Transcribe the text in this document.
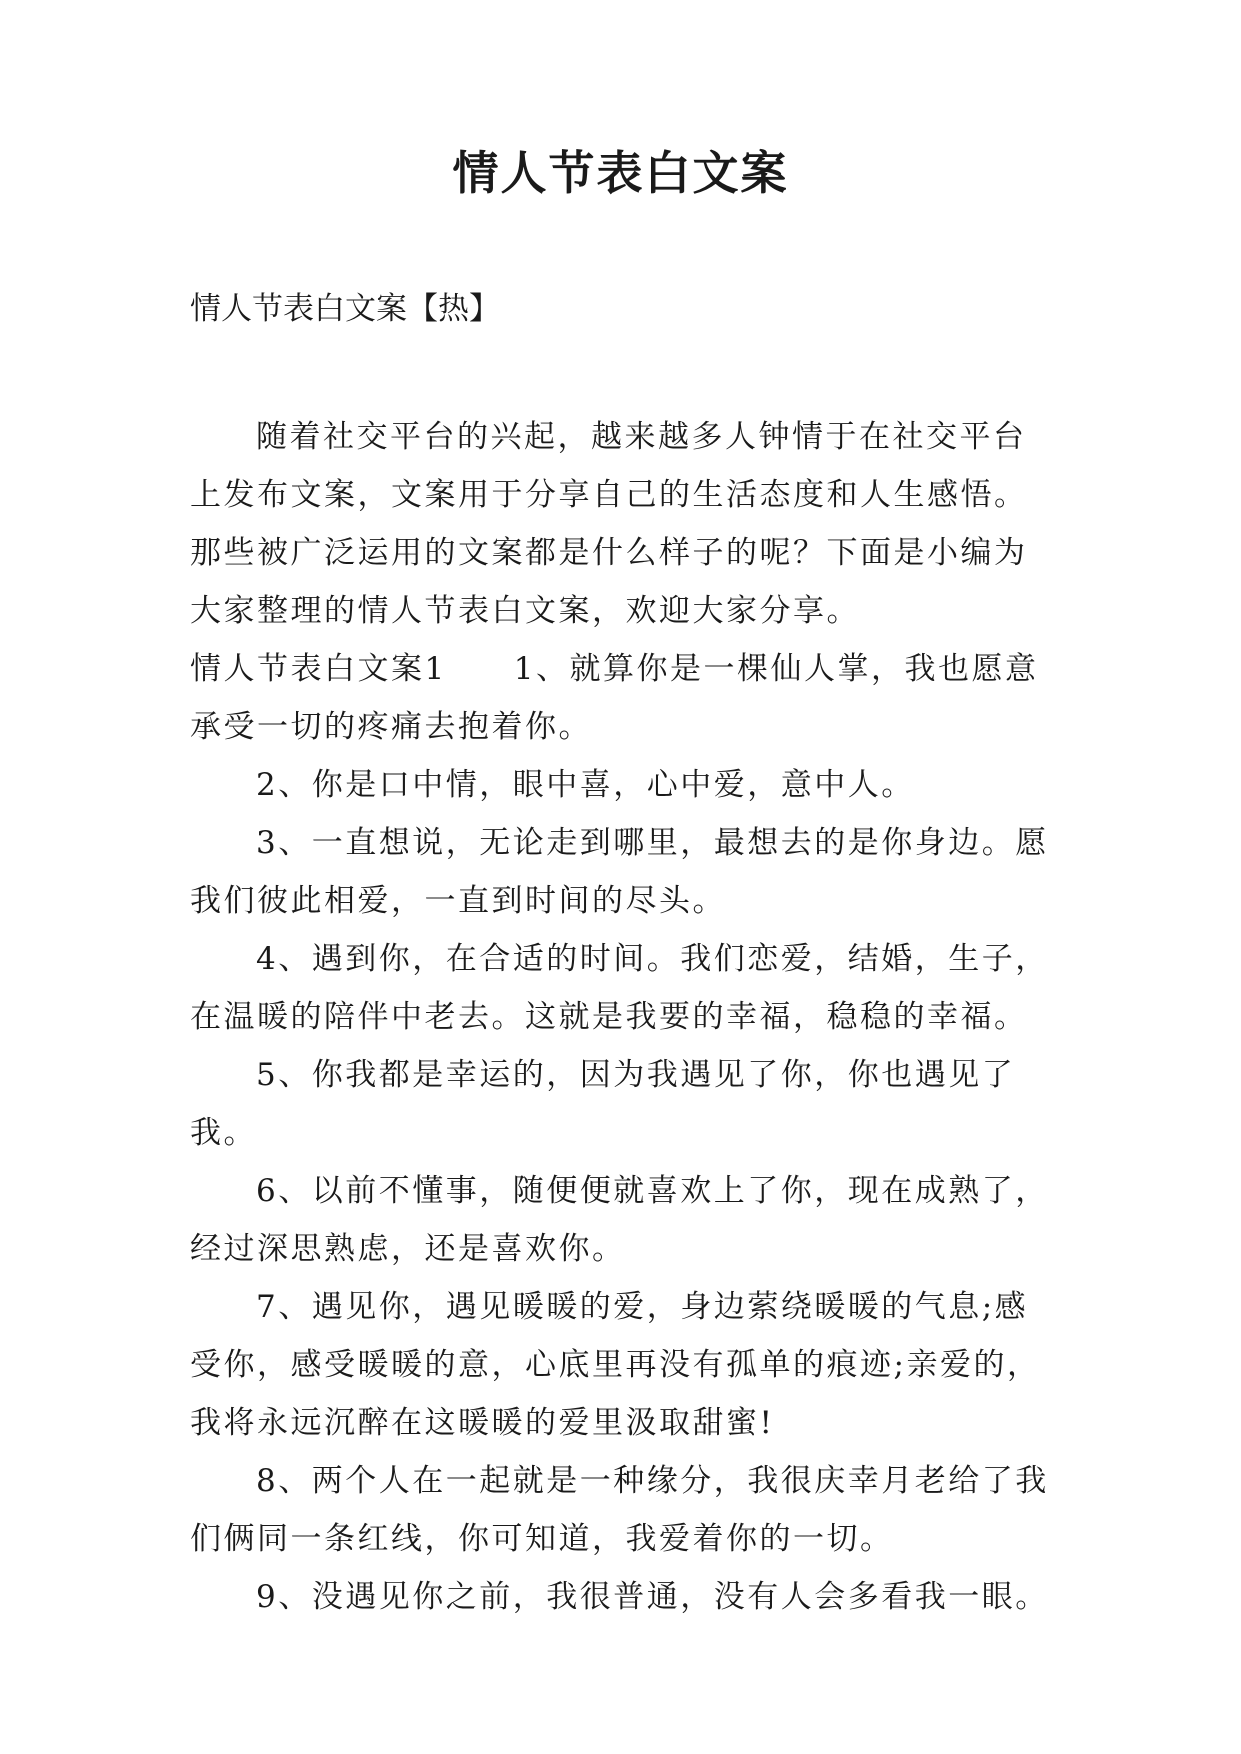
情人节表白文案

情人节表白文案【热】

随着社交平台的兴起，越来越多人钟情于在社交平台上发布文案，文案用于分享自己的生活态度和人生感悟。那些被广泛运用的文案都是什么样子的呢？下面是小编为大家整理的情人节表白文案，欢迎大家分享。

情人节表白文案1　　1、就算你是一棵仙人掌，我也愿意承受一切的疼痛去抱着你。

2、你是口中情，眼中喜，心中爱，意中人。

3、一直想说，无论走到哪里，最想去的是你身边。愿我们彼此相爱，一直到时间的尽头。

4、遇到你，在合适的时间。我们恋爱，结婚，生子，在温暖的陪伴中老去。这就是我要的幸福，稳稳的幸福。

5、你我都是幸运的，因为我遇见了你，你也遇见了我。

6、以前不懂事，随便便就喜欢上了你，现在成熟了，经过深思熟虑，还是喜欢你。

7、遇见你，遇见暖暖的爱，身边萦绕暖暖的气息;感受你，感受暖暖的意，心底里再没有孤单的痕迹;亲爱的，我将永远沉醉在这暖暖的爱里汲取甜蜜!

8、两个人在一起就是一种缘分，我很庆幸月老给了我们俩同一条红线，你可知道，我爱着你的一切。

9、没遇见你之前，我很普通，没有人会多看我一眼。
